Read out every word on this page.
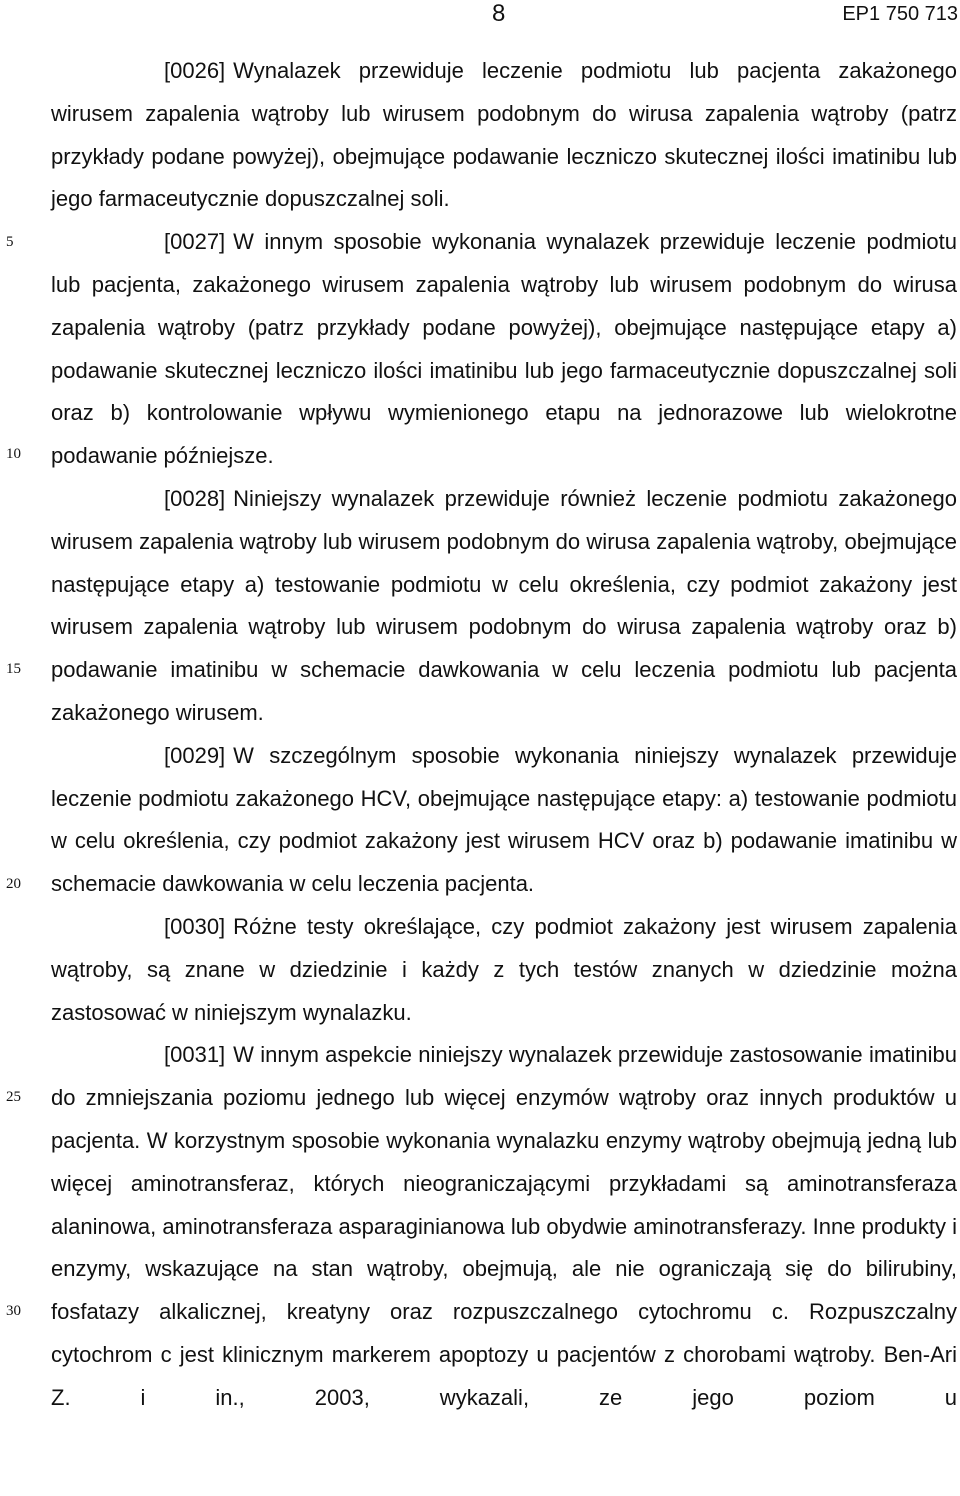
8	EP1 750 713
5
10
15
20
25
30

[0026] Wynalazek przewiduje leczenie podmiotu lub pacjenta zakażonego wirusem zapalenia wątroby lub wirusem podobnym do wirusa zapalenia wątroby (patrz przykłady podane powyżej), obejmujące podawanie leczniczo skutecznej ilości imatinibu lub jego farmaceutycznie dopuszczalnej soli.

[0027] W innym sposobie wykonania wynalazek przewiduje leczenie podmiotu lub pacjenta, zakażonego wirusem zapalenia wątroby lub wirusem podobnym do wirusa zapalenia wątroby (patrz przykłady podane powyżej), obejmujące następujące etapy a) podawanie skutecznej leczniczo ilości imatinibu lub jego farmaceutycznie dopuszczalnej soli oraz b) kontrolowanie wpływu wymienionego etapu na jednorazowe lub wielokrotne podawanie późniejsze.

[0028] Niniejszy wynalazek przewiduje również leczenie podmiotu zakażonego wirusem zapalenia wątroby lub wirusem podobnym do wirusa zapalenia wątroby, obejmujące następujące etapy a) testowanie podmiotu w celu określenia, czy podmiot zakażony jest wirusem zapalenia wątroby lub wirusem podobnym do wirusa zapalenia wątroby oraz b) podawanie imatinibu w schemacie dawkowania w celu leczenia podmiotu lub pacjenta zakażonego wirusem.

[0029] W szczególnym sposobie wykonania niniejszy wynalazek przewiduje leczenie podmiotu zakażonego HCV, obejmujące następujące etapy: a) testowanie podmiotu w celu określenia, czy podmiot zakażony jest wirusem HCV oraz b) podawanie imatinibu w schemacie dawkowania w celu leczenia pacjenta.

[0030] Różne testy określające, czy podmiot zakażony jest wirusem zapalenia wątroby, są znane w dziedzinie i każdy z tych testów znanych w dziedzinie można zastosować w niniejszym wynalazku.

[0031] W innym aspekcie niniejszy wynalazek przewiduje zastosowanie imatinibu do zmniejszania poziomu jednego lub więcej enzymów wątroby oraz innych produktów u pacjenta. W korzystnym sposobie wykonania wynalazku enzymy wątroby obejmują jedną lub więcej aminotransferaz, których nieograniczającymi przykładami są aminotransferaza alaninowa, aminotransferaza asparaginianowa lub obydwie aminotransferazy. Inne produkty i enzymy, wskazujące na stan wątroby, obejmują, ale nie ograniczają się do bilirubiny, fosfatazy alkalicznej, kreatyny oraz rozpuszczalnego cytochromu c. Rozpuszczalny cytochrom c jest klinicznym markerem apoptozy u pacjentów z chorobami wątroby. Ben-Ari Z. i in., 2003, wykazali, ze jego poziom u
